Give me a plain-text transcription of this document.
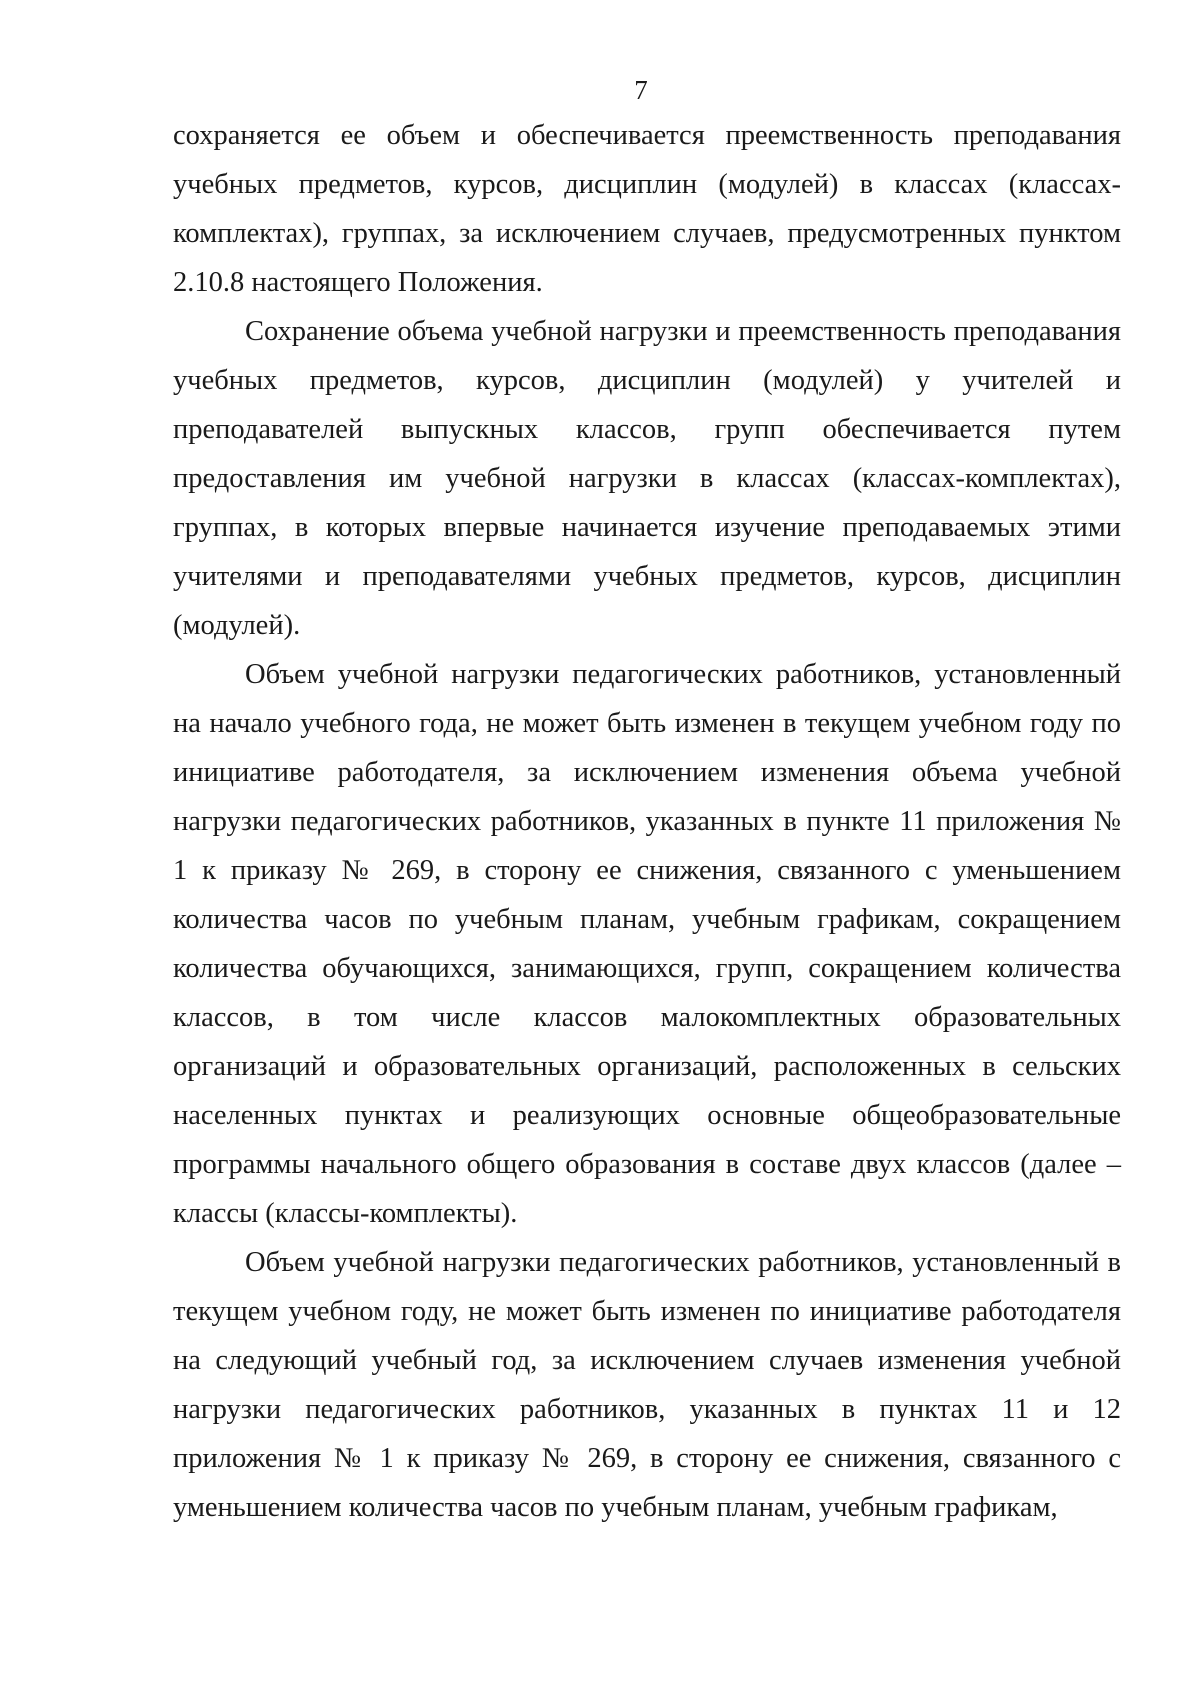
7

сохраняется ее объем и обеспечивается преемственность преподавания учебных предметов, курсов, дисциплин (модулей) в классах (классах-комплектах), группах, за исключением случаев, предусмотренных пунктом 2.10.8 настоящего Положения.

Сохранение объема учебной нагрузки и преемственность преподавания учебных предметов, курсов, дисциплин (модулей) у учителей и преподавателей выпускных классов, групп обеспечивается путем предоставления им учебной нагрузки в классах (классах-комплектах), группах, в которых впервые начинается изучение преподаваемых этими учителями и преподавателями учебных предметов, курсов, дисциплин (модулей).

Объем учебной нагрузки педагогических работников, установленный на начало учебного года, не может быть изменен в текущем учебном году по инициативе работодателя, за исключением изменения объема учебной нагрузки педагогических работников, указанных в пункте 11 приложения № 1 к приказу № 269, в сторону ее снижения, связанного с уменьшением количества часов по учебным планам, учебным графикам, сокращением количества обучающихся, занимающихся, групп, сокращением количества классов, в том числе классов малокомплектных образовательных организаций и образовательных организаций, расположенных в сельских населенных пунктах и реализующих основные общеобразовательные программы начального общего образования в составе двух классов (далее – классы (классы-комплекты).

Объем учебной нагрузки педагогических работников, установленный в текущем учебном году, не может быть изменен по инициативе работодателя на следующий учебный год, за исключением случаев изменения учебной нагрузки педагогических работников, указанных в пунктах 11 и 12 приложения № 1 к приказу № 269, в сторону ее снижения, связанного с уменьшением количества часов по учебным планам, учебным графикам,
